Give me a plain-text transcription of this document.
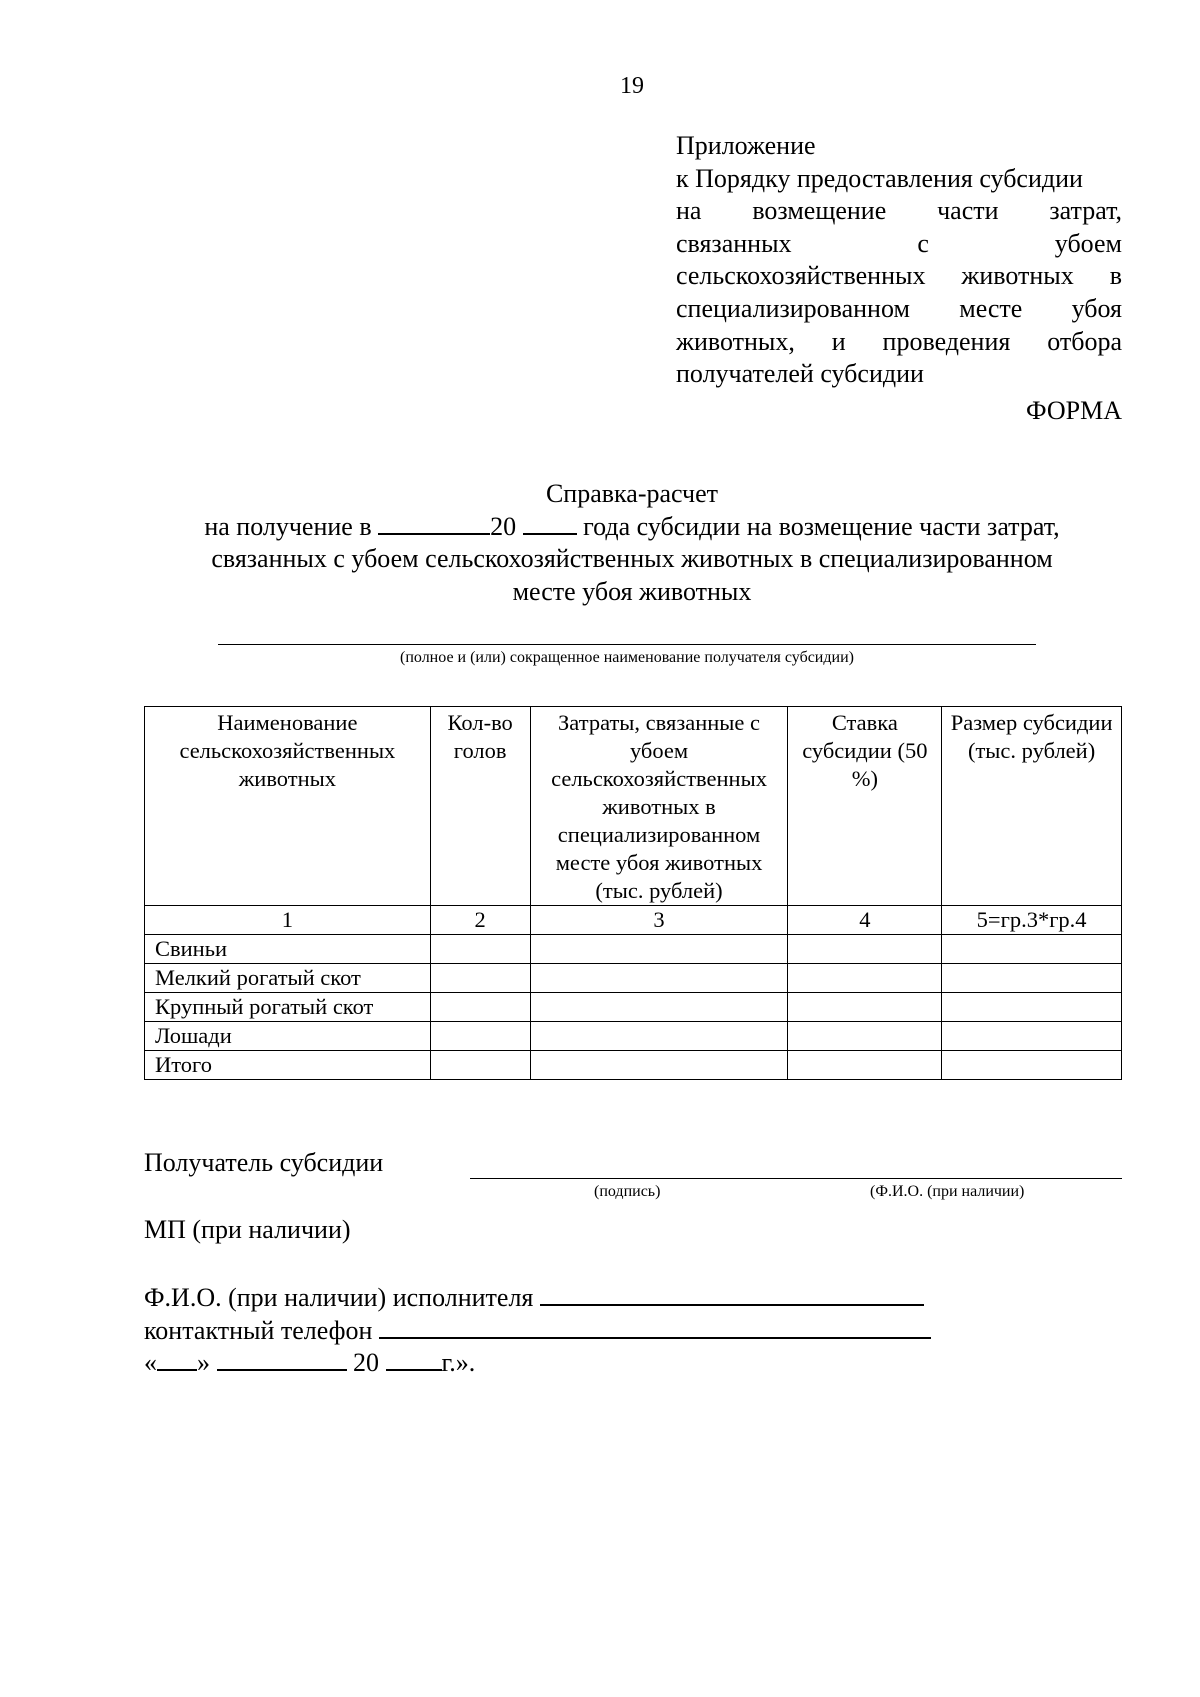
19
Приложение
к Порядку предоставления субсидии
на возмещение части затрат,
связанных с убоем
сельскохозяйственных животных в
специализированном месте убоя
животных, и проведения отбора
получателей субсидии
ФОРМА
Справка-расчет
на получение в	20	года субсидии на возмещение части затрат,
связанных с убоем сельскохозяйственных животных в специализированном
месте убоя животных
(полное и (или) сокращенное наименование получателя субсидии)
Наименование сельскохозяйственных животных	Кол-во голов	Затраты, связанные с убоем сельскохозяйственных животных в специализированном месте убоя животных (тыс. рублей)	Ставка субсидии (50 %)	Размер субсидии (тыс. рублей)
1	2	3	4	5=гр.3*гр.4
Свиньи				
Мелкий рогатый скот				
Крупный рогатый скот				
Лошади				
Итого				
Получатель субсидии
(подпись)	(Ф.И.О. (при наличии)
МП (при наличии)
Ф.И.О. (при наличии) исполнителя
контактный телефон
« »	20 г.».
